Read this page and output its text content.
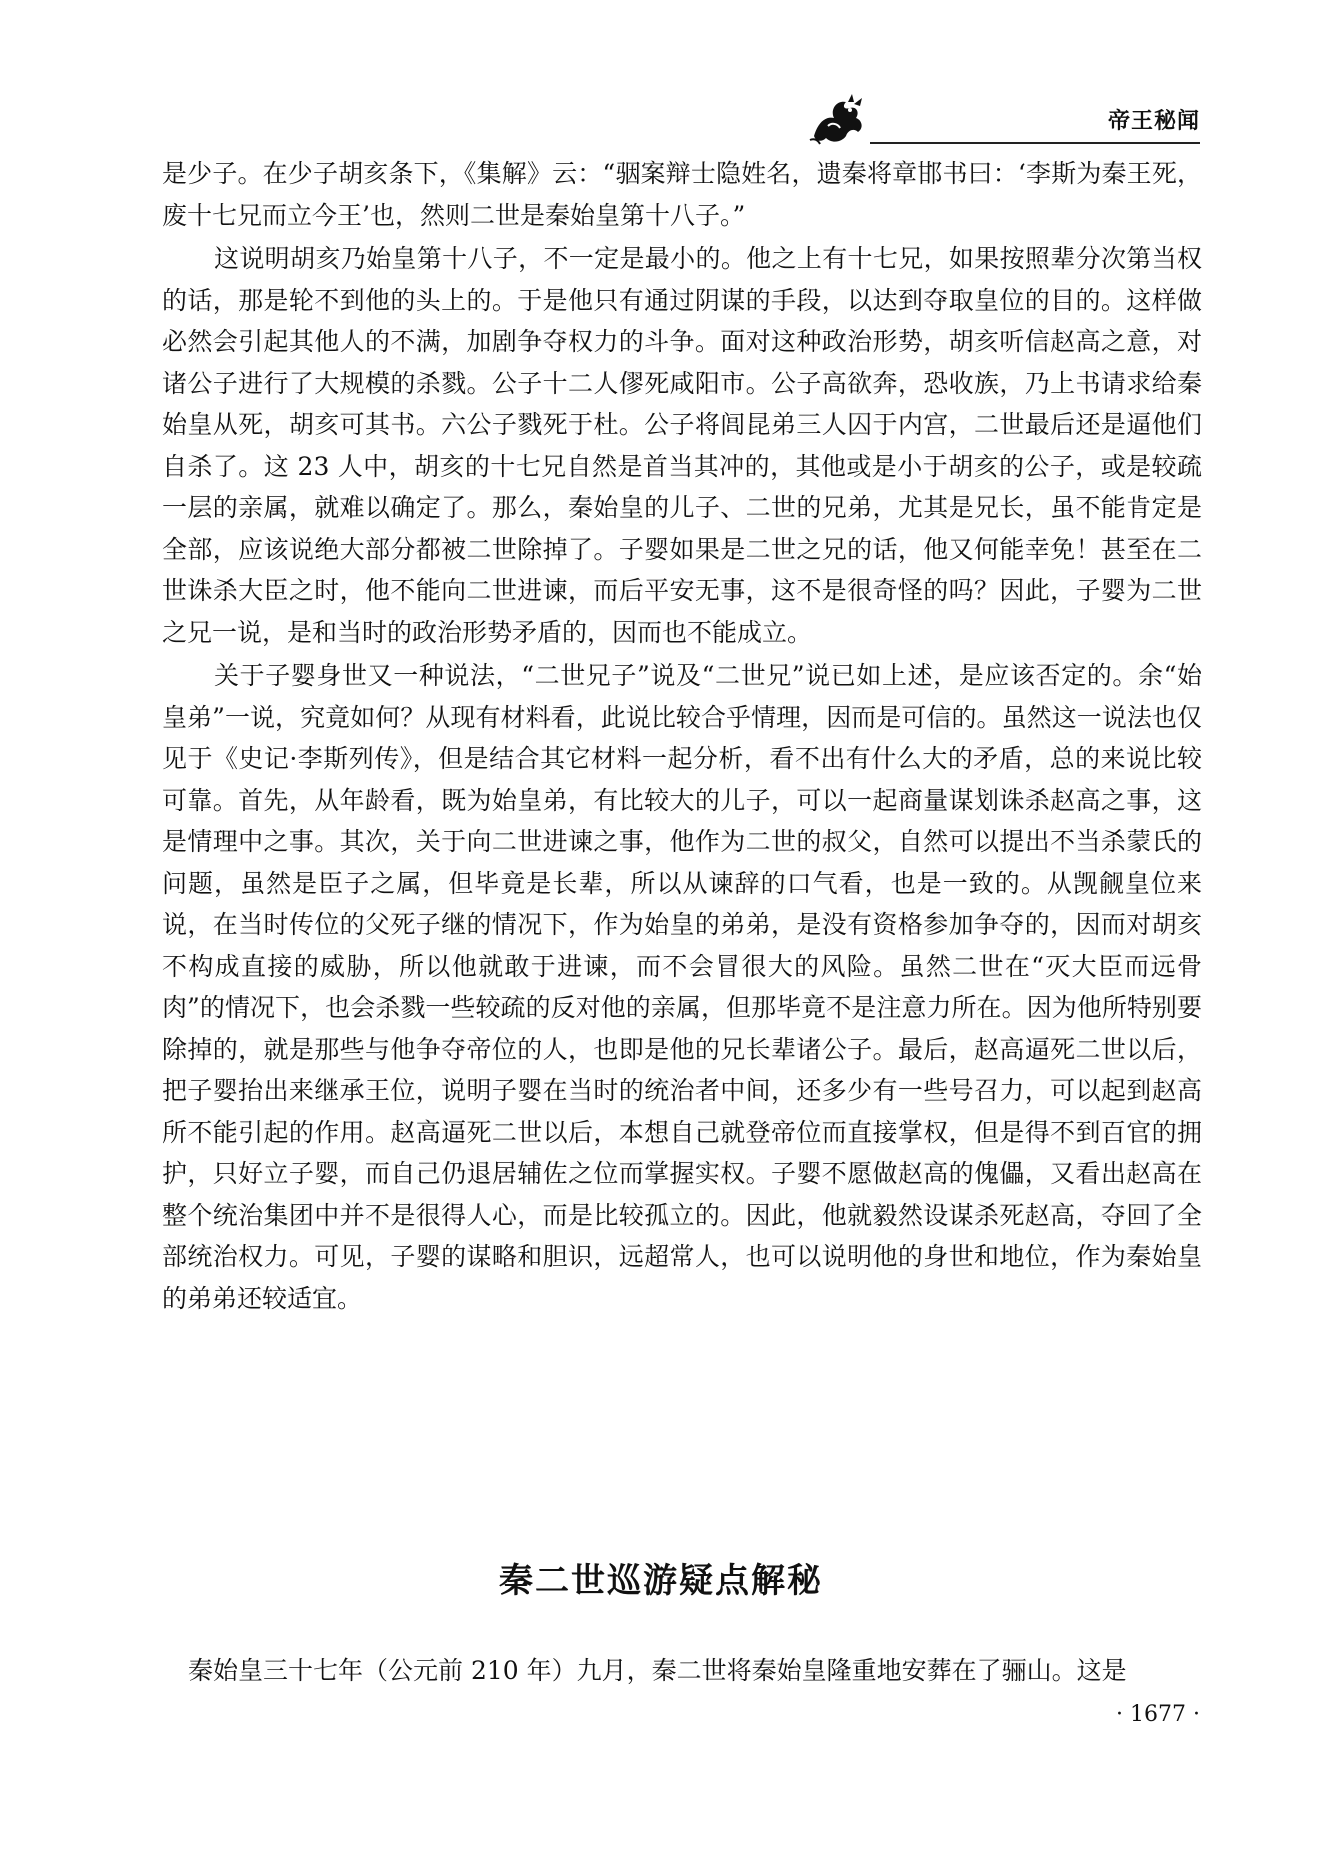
帝王秘闻

是少子。在少子胡亥条下，《集解》云：“骃案辩士隐姓名，遗秦将章邯书曰：‘李斯为秦王死，废十七兄而立今王’也，然则二世是秦始皇第十八子。”

这说明胡亥乃始皇第十八子，不一定是最小的。他之上有十七兄，如果按照辈分次第当权的话，那是轮不到他的头上的。于是他只有通过阴谋的手段，以达到夺取皇位的目的。这样做必然会引起其他人的不满，加剧争夺权力的斗争。面对这种政治形势，胡亥听信赵高之意，对诸公子进行了大规模的杀戮。公子十二人僇死咸阳市。公子高欲奔，恐收族，乃上书请求给秦始皇从死，胡亥可其书。六公子戮死于杜。公子将闾昆弟三人囚于内宫，二世最后还是逼他们自杀了。这 23 人中，胡亥的十七兄自然是首当其冲的，其他或是小于胡亥的公子，或是较疏一层的亲属，就难以确定了。那么，秦始皇的儿子、二世的兄弟，尤其是兄长，虽不能肯定是全部，应该说绝大部分都被二世除掉了。子婴如果是二世之兄的话，他又何能幸免！甚至在二世诛杀大臣之时，他不能向二世进谏，而后平安无事，这不是很奇怪的吗？因此，子婴为二世之兄一说，是和当时的政治形势矛盾的，因而也不能成立。

关于子婴身世又一种说法，“二世兄子”说及“二世兄”说已如上述，是应该否定的。余“始皇弟”一说，究竟如何？从现有材料看，此说比较合乎情理，因而是可信的。虽然这一说法也仅见于《史记·李斯列传》，但是结合其它材料一起分析，看不出有什么大的矛盾，总的来说比较可靠。首先，从年龄看，既为始皇弟，有比较大的儿子，可以一起商量谋划诛杀赵高之事，这是情理中之事。其次，关于向二世进谏之事，他作为二世的叔父，自然可以提出不当杀蒙氏的问题，虽然是臣子之属，但毕竟是长辈，所以从谏辞的口气看，也是一致的。从觊觎皇位来说，在当时传位的父死子继的情况下，作为始皇的弟弟，是没有资格参加争夺的，因而对胡亥不构成直接的威胁，所以他就敢于进谏，而不会冒很大的风险。虽然二世在“灭大臣而远骨肉”的情况下，也会杀戮一些较疏的反对他的亲属，但那毕竟不是注意力所在。因为他所特别要除掉的，就是那些与他争夺帝位的人，也即是他的兄长辈诸公子。最后，赵高逼死二世以后，把子婴抬出来继承王位，说明子婴在当时的统治者中间，还多少有一些号召力，可以起到赵高所不能引起的作用。赵高逼死二世以后，本想自己就登帝位而直接掌权，但是得不到百官的拥护，只好立子婴，而自己仍退居辅佐之位而掌握实权。子婴不愿做赵高的傀儡，又看出赵高在整个统治集团中并不是很得人心，而是比较孤立的。因此，他就毅然设谋杀死赵高，夺回了全部统治权力。可见，子婴的谋略和胆识，远超常人，也可以说明他的身世和地位，作为秦始皇的弟弟还较适宜。

秦二世巡游疑点解秘

秦始皇三十七年（公元前 210 年）九月，秦二世将秦始皇隆重地安葬在了骊山。这是

· 1677 ·
